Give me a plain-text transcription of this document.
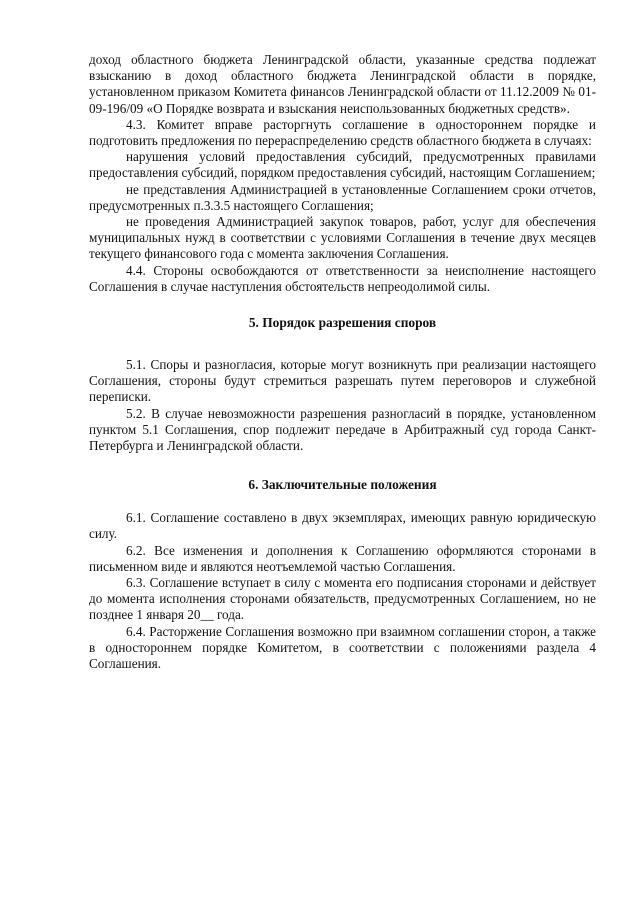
доход областного бюджета Ленинградской области, указанные средства подлежат взысканию в доход областного бюджета Ленинградской области в порядке, установленном приказом Комитета финансов Ленинградской области от 11.12.2009 № 01-09-196/09 «О Порядке возврата и взыскания неиспользованных бюджетных средств».

4.3. Комитет вправе расторгнуть соглашение в одностороннем порядке и подготовить предложения по перераспределению средств областного бюджета в случаях:

нарушения условий предоставления субсидий, предусмотренных правилами предоставления субсидий, порядком предоставления субсидий, настоящим Соглашением;

не представления Администрацией в установленные Соглашением сроки отчетов, предусмотренных п.3.3.5 настоящего Соглашения;

не проведения Администрацией закупок товаров, работ, услуг для обеспечения муниципальных нужд в соответствии с условиями Соглашения в течение двух месяцев текущего финансового года с момента заключения Соглашения.

4.4. Стороны освобождаются от ответственности за неисполнение настоящего Соглашения в случае наступления обстоятельств непреодолимой силы.

5. Порядок разрешения споров

5.1. Споры и разногласия, которые могут возникнуть при реализации настоящего Соглашения, стороны будут стремиться разрешать путем переговоров и служебной переписки.

5.2. В случае невозможности разрешения разногласий в порядке, установленном пунктом 5.1 Соглашения, спор подлежит передаче в Арбитражный суд города Санкт-Петербурга и Ленинградской области.

6. Заключительные положения

6.1. Соглашение составлено в двух экземплярах, имеющих равную юридическую силу.

6.2. Все изменения и дополнения к Соглашению оформляются сторонами в письменном виде и являются неотъемлемой частью Соглашения.

6.3. Соглашение вступает в силу с момента его подписания сторонами и действует до момента исполнения сторонами обязательств, предусмотренных Соглашением, но не позднее 1 января 20__ года.

6.4. Расторжение Соглашения возможно при взаимном соглашении сторон, а также в одностороннем порядке Комитетом, в соответствии с положениями раздела 4 Соглашения.
